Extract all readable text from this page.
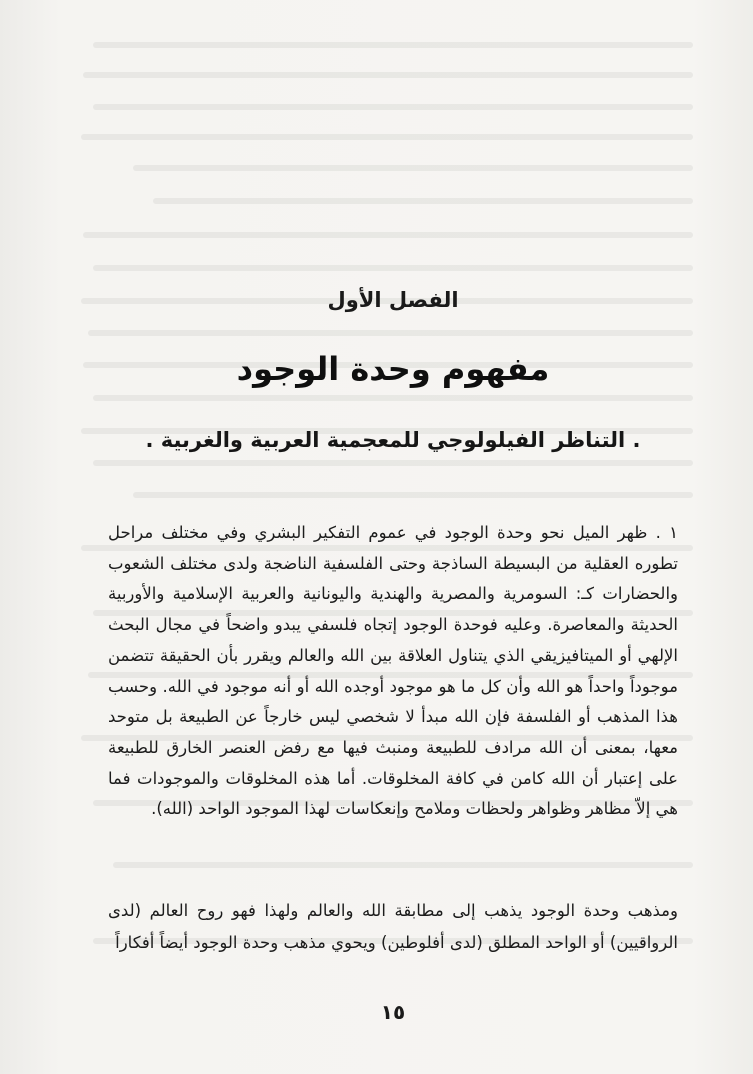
الفصل الأول
مفهوم وحدة الوجود
. التناظر الفيلولوجي للمعجمية العربية والغربية .

١ . ظهر الميل نحو وحدة الوجود في عموم التفكير البشري وفي مختلف مراحل تطوره العقلية من البسيطة الساذجة وحتى الفلسفية الناضجة ولدى مختلف الشعوب والحضارات كـ: السومرية والمصرية والهندية واليونانية والعربية الإسلامية والأوربية الحديثة والمعاصرة. وعليه فوحدة الوجود إتجاه فلسفي يبدو واضحاً في مجال البحث الإلهي أو الميتافيزيقي الذي يتناول العلاقة بين الله والعالم ويقرر بأن الحقيقة تتضمن موجوداً واحداً هو الله وأن كل ما هو موجود أوجده الله أو أنه موجود في الله. وحسب هذا المذهب أو الفلسفة فإن الله مبدأ لا شخصي ليس خارجاً عن الطبيعة بل متوحد معها، بمعنى أن الله مرادف للطبيعة ومنبث فيها مع رفض العنصر الخارق للطبيعة على إعتبار أن الله كامن في كافة المخلوقات. أما هذه المخلوقات والموجودات فما هي إلاّ مظاهر وظواهر ولحظات وملامح وإنعكاسات لهذا الموجود الواحد (الله).

ومذهب وحدة الوجود يذهب إلى مطابقة الله والعالم ولهذا فهو روح العالم (لدى الرواقيين) أو الواحد المطلق (لدى أفلوطين) ويحوي مذهب وحدة الوجود أيضاً أفكاراً

١٥
